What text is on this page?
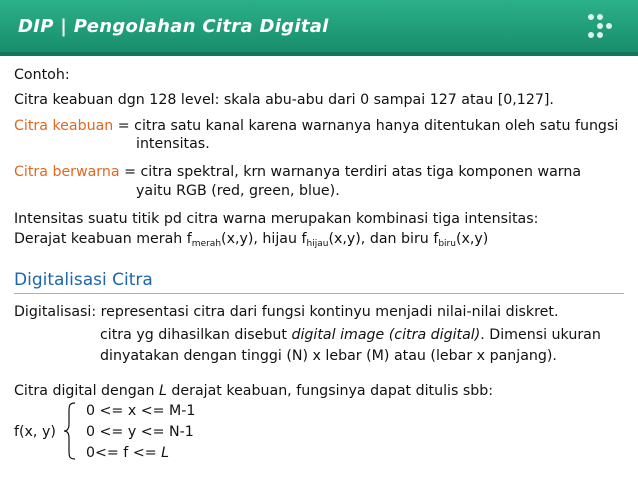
DIP | Pengolahan Citra Digital
Contoh:
Citra keabuan dgn 128 level: skala abu-abu dari 0 sampai 127 atau [0,127].
Citra keabuan = citra satu kanal karena warnanya hanya ditentukan oleh satu fungsi
intensitas.
Citra berwarna = citra spektral, krn warnanya terdiri atas tiga komponen warna
yaitu RGB (red, green, blue).
Intensitas suatu titik pd citra warna merupakan kombinasi tiga intensitas:
Derajat keabuan merah $f_{merah}(x,y)$, hijau $f_{hijau}(x,y)$, dan biru $f_{biru}(x,y)$
Digitalisasi Citra
Digitalisasi: representasi citra dari fungsi kontinyu menjadi nilai-nilai diskret.
citra yg dihasilkan disebut digital image (citra digital). Dimensi ukuran
dinyatakan dengan tinggi (N) x lebar (M) atau (lebar x panjang).
Citra digital dengan L derajat keabuan, fungsinya dapat ditulis sbb:
f(x, y)
0 <= x <= M-1
0 <= y <= N-1
0<= f <= L
